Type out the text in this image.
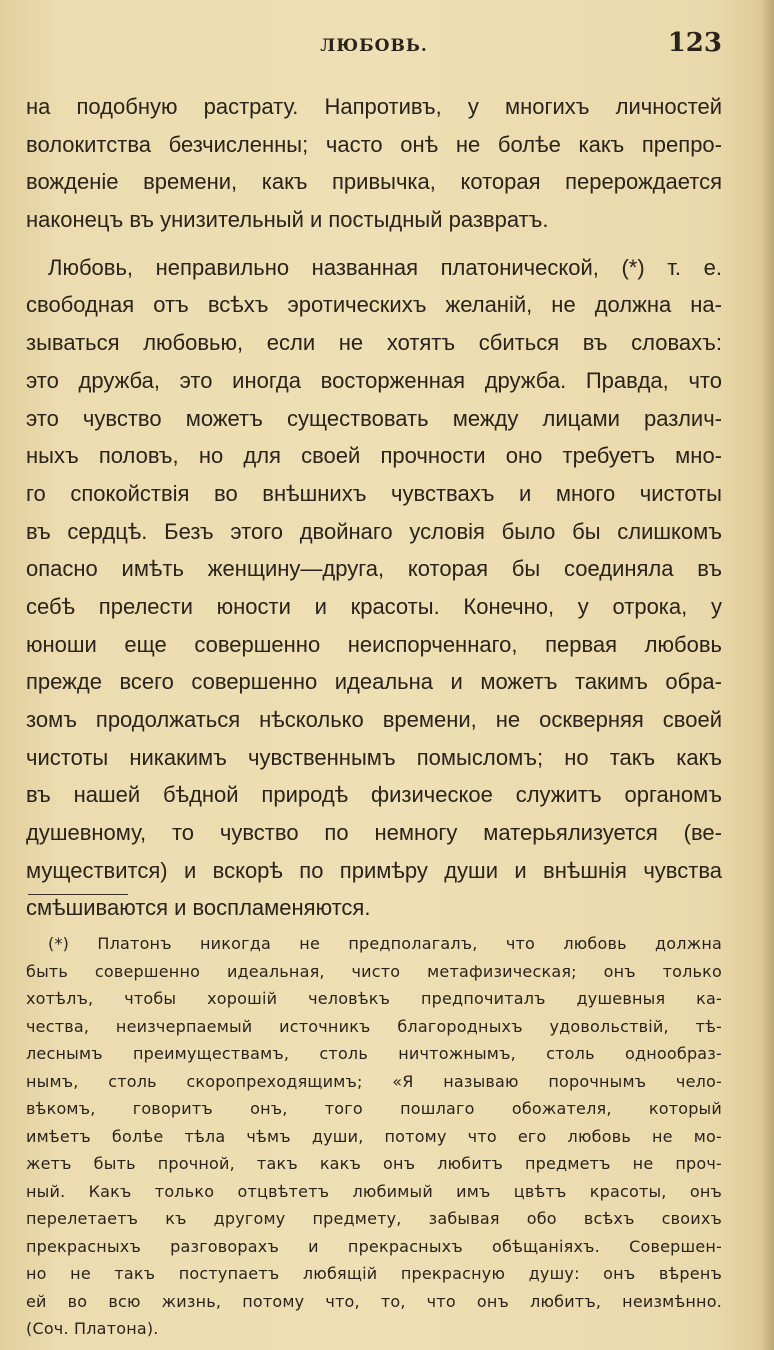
ЛЮБОВЬ.	123
на подобную растрату. Напротивъ, у многихъ личностей
волокитства безчисленны; часто онѣ не болѣе какъ препро-
вожденіе времени, какъ привычка, которая перерождается
наконецъ въ унизительный и постыдный развратъ.
Любовь, неправильно названная платонической, (*) т. е.
свободная отъ всѣхъ эротическихъ желаній, не должна на-
зываться любовью, если не хотятъ сбиться въ словахъ:
это дружба, это иногда восторженная дружба. Правда, что
это чувство можетъ существовать между лицами различ-
ныхъ половъ, но для своей прочности оно требуетъ мно-
го спокойствія во внѣшнихъ чувствахъ и много чистоты
въ сердцѣ. Безъ этого двойнаго условія было бы слишкомъ
опасно имѣть женщину—друга, которая бы соединяла въ
себѣ прелести юности и красоты. Конечно, у отрока, у
юноши еще совершенно неиспорченнаго, первая любовь
прежде всего совершенно идеальна и можетъ такимъ обра-
зомъ продолжаться нѣсколько времени, не оскверняя своей
чистоты никакимъ чувственнымъ помысломъ; но такъ какъ
въ нашей бѣдной природѣ физическое служитъ органомъ
душевному, то чувство по немногу матерьялизуется (ве-
муществится) и вскорѣ по примѣру души и внѣшнія чувства
смѣшиваются и воспламеняются.
(*) Платонъ никогда не предполагалъ, что любовь должна
быть совершенно идеальная, чисто метафизическая; онъ только
хотѣлъ, чтобы хорошій человѣкъ предпочиталъ душевныя ка-
чества, неизчерпаемый источникъ благородныхъ удовольствій, тѣ-
леснымъ преимуществамъ, столь ничтожнымъ, столь однообраз-
нымъ, столь скоропреходящимъ; «Я называю порочнымъ чело-
вѣкомъ, говоритъ онъ, того пошлаго обожателя, который
имѣетъ болѣе тѣла чѣмъ души, потому что его любовь не мо-
жетъ быть прочной, такъ какъ онъ любитъ предметъ не проч-
ный. Какъ только отцвѣтетъ любимый имъ цвѣтъ красоты, онъ
перелетаетъ къ другому предмету, забывая обо всѣхъ своихъ
прекрасныхъ разговорахъ и прекрасныхъ обѣщаніяхъ. Совершен-
но не такъ поступаетъ любящій прекрасную душу: онъ вѣренъ
ей во всю жизнь, потому что, то, что онъ любитъ, неизмѣнно.
(Соч. Платона).
